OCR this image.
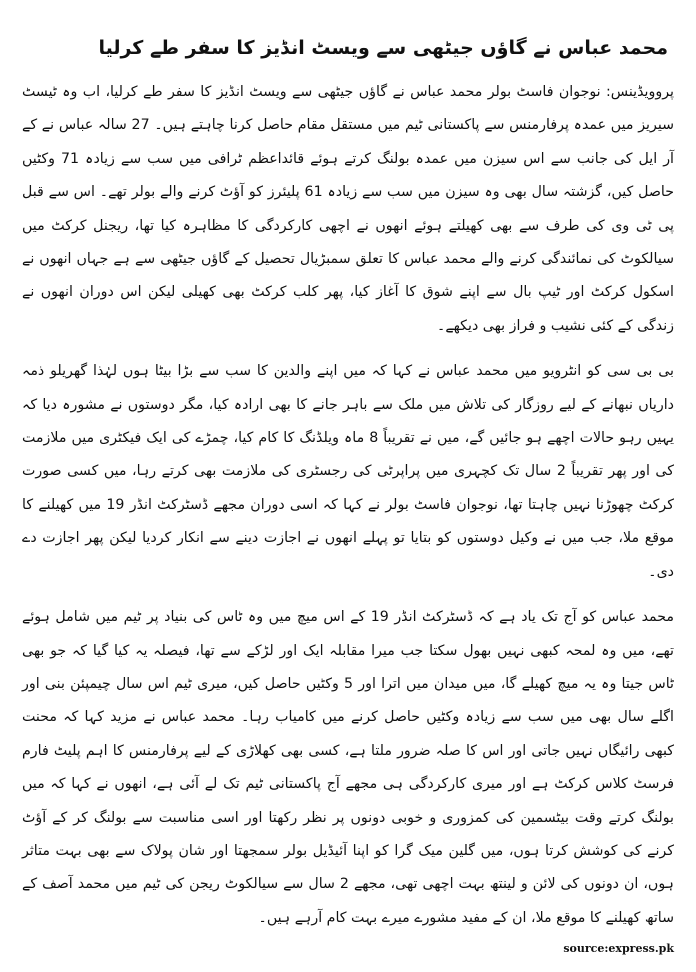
محمد عباس نے گاؤں جیٹھی سے ویسٹ انڈیز کا سفر طے کرلیا

پروویڈینس: نوجوان فاسٹ بولر محمد عباس نے گاؤں جیٹھی سے ویسٹ انڈیز کا سفر طے کرلیا، اب وہ ٹیسٹ سیریز میں عمدہ پرفارمنس سے پاکستانی ٹیم میں مستقل مقام حاصل کرنا چاہتے ہیں۔ 27 سالہ عباس نے کے آر ایل کی جانب سے اس سیزن میں عمدہ بولنگ کرتے ہوئے قائداعظم ٹرافی میں سب سے زیادہ 71 وکٹیں حاصل کیں، گزشتہ سال بھی وہ سیزن میں سب سے زیادہ 61 پلیئرز کو آؤٹ کرنے والے بولر تھے۔ اس سے قبل پی ٹی وی کی طرف سے بھی کھیلتے ہوئے انھوں نے اچھی کارکردگی کا مظاہرہ کیا تھا، ریجنل کرکٹ میں سیالکوٹ کی نمائندگی کرنے والے محمد عباس کا تعلق سمبڑیال تحصیل کے گاؤں جیٹھی سے ہے جہاں انھوں نے اسکول کرکٹ اور ٹیپ بال سے اپنے شوق کا آغاز کیا، پھر کلب کرکٹ بھی کھیلی لیکن اس دوران انھوں نے زندگی کے کئی نشیب و فراز بھی دیکھے۔

بی بی سی کو انٹرویو میں محمد عباس نے کہا کہ میں اپنے والدین کا سب سے بڑا بیٹا ہوں لہٰذا گھریلو ذمہ داریاں نبھانے کے لیے روزگار کی تلاش میں ملک سے باہر جانے کا بھی ارادہ کیا، مگر دوستوں نے مشورہ دیا کہ یہیں رہو حالات اچھے ہو جائیں گے، میں نے تقریباً 8 ماہ ویلڈنگ کا کام کیا، چمڑے کی ایک فیکٹری میں ملازمت کی اور پھر تقریباً 2 سال تک کچہری میں پراپرٹی کی رجسٹری کی ملازمت بھی کرتے رہا، میں کسی صورت کرکٹ چھوڑنا نہیں چاہتا تھا، نوجوان فاسٹ بولر نے کہا کہ اسی دوران مجھے ڈسٹرکٹ انڈر 19 میں کھیلنے کا موقع ملا، جب میں نے وکیل دوستوں کو بتایا تو پہلے انھوں نے اجازت دینے سے انکار کردیا لیکن پھر اجازت دے دی۔

محمد عباس کو آج تک یاد ہے کہ ڈسٹرکٹ انڈر 19 کے اس میچ میں وہ ٹاس کی بنیاد پر ٹیم میں شامل ہوئے تھے، میں وہ لمحہ کبھی نہیں بھول سکتا جب میرا مقابلہ ایک اور لڑکے سے تھا، فیصلہ یہ کیا گیا کہ جو بھی ٹاس جیتا وہ یہ میچ کھیلے گا، میں میدان میں اترا اور 5 وکٹیں حاصل کیں، میری ٹیم اس سال چیمپئن بنی اور اگلے سال بھی میں سب سے زیادہ وکٹیں حاصل کرنے میں کامیاب رہا۔ محمد عباس نے مزید کہا کہ محنت کبھی رائیگاں نہیں جاتی اور اس کا صلہ ضرور ملتا ہے، کسی بھی کھلاڑی کے لیے پرفارمنس کا اہم پلیٹ فارم فرسٹ کلاس کرکٹ ہے اور میری کارکردگی ہی مجھے آج پاکستانی ٹیم تک لے آئی ہے، انھوں نے کہا کہ میں بولنگ کرتے وقت بیٹسمین کی کمزوری و خوبی دونوں پر نظر رکھتا اور اسی مناسبت سے بولنگ کر کے آؤٹ کرنے کی کوشش کرتا ہوں، میں گلین میک گرا کو اپنا آئیڈیل بولر سمجھتا اور شان پولاک سے بھی بہت متاثر ہوں، ان دونوں کی لائن و لینتھ بہت اچھی تھی، مجھے 2 سال سے سیالکوٹ ریجن کی ٹیم میں محمد آصف کے ساتھ کھیلنے کا موقع ملا، ان کے مفید مشورے میرے بہت کام آرہے ہیں۔

source:express.pk
